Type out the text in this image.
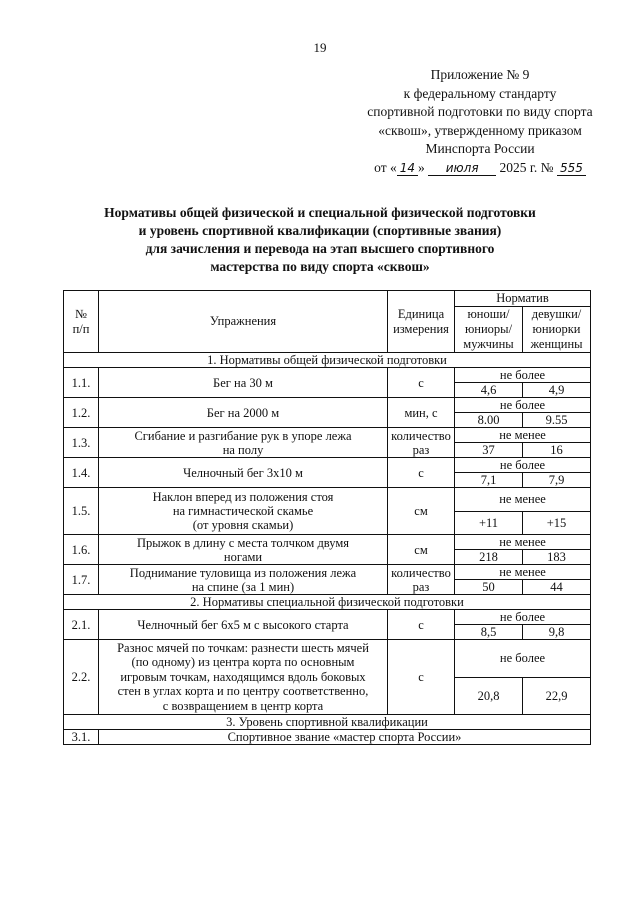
19
Приложение № 9
к федеральному стандарту
спортивной подготовки по виду спорта
«сквош», утвержденному приказом
Минспорта России
от « 14 » июля 2025 г. № 555
Нормативы общей физической и специальной физической подготовки
и уровень спортивной квалификации (спортивные звания)
для зачисления и перевода на этап высшего спортивного
мастерства по виду спорта «сквош»
№
п/п	Упражнения	Единица
измерения	Норматив	
			юноши/
юниоры/
мужчины	девушки/
юниорки
женщины
1. Нормативы общей физической подготовки				
1.1.	Бег на 30 м	с	не более	
			4,6	4,9
1.2.	Бег на 2000 м	мин, с	не более	
			8.00	9.55
1.3.	Сгибание и разгибание рук в упоре лежа
на полу	количество
раз	не менее	
			37	16
1.4.	Челночный бег 3х10 м	с	не более	
			7,1	7,9
1.5.	Наклон вперед из положения стоя
на гимнастической скамье
(от уровня скамьи)	см	не менее	
			+11	+15
1.6.	Прыжок в длину с места толчком двумя
ногами	см	не менее	
			218	183
1.7.	Поднимание туловища из положения лежа
на спине (за 1 мин)	количество
раз	не менее	
			50	44
2. Нормативы специальной физической подготовки				
2.1.	Челночный бег 6х5 м с высокого старта	с	не более	
			8,5	9,8
2.2.	Разнос мячей по точкам: разнести шесть мячей
(по одному) из центра корта по основным
игровым точкам, находящимся вдоль боковых
стен в углах корта и по центру соответственно,
с возвращением в центр корта	с	не более	
			20,8	22,9
3. Уровень спортивной квалификации				
3.1.	Спортивное звание «мастер спорта России»			
